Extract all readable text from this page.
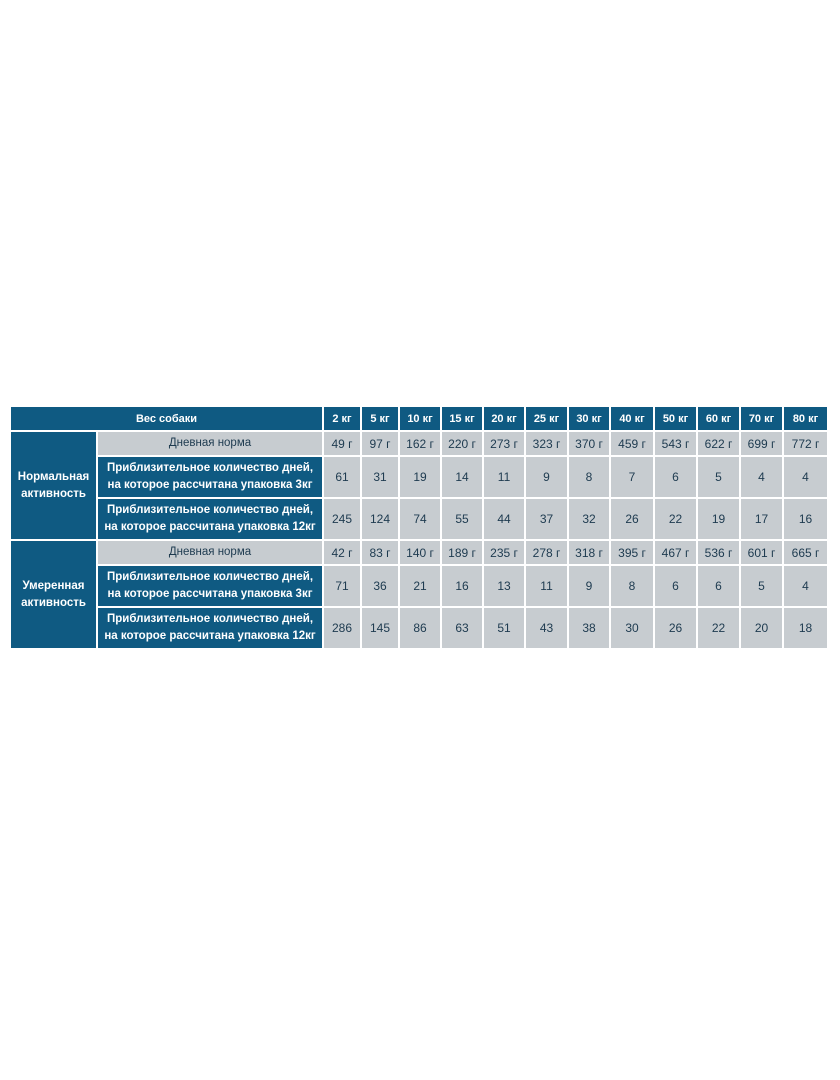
Вес собаки		2 кг	5 кг	10 кг	15 кг	20 кг	25 кг	30 кг	40 кг	50 кг	60 кг	70 кг	80 кг
Нормальная активность	Дневная норма	49 г	97 г	162 г	220 г	273 г	323 г	370 г	459 г	543 г	622 г	699 г	772 г
	Приблизительное количество дней,
на которое рассчитана упаковка 3кг	61	31	19	14	11	9	8	7	6	5	4	4
	Приблизительное количество дней,
на которое рассчитана упаковка 12кг	245	124	74	55	44	37	32	26	22	19	17	16
Умеренная активность	Дневная норма	42 г	83 г	140 г	189 г	235 г	278 г	318 г	395 г	467 г	536 г	601 г	665 г
	Приблизительное количество дней,
на которое рассчитана упаковка 3кг	71	36	21	16	13	11	9	8	6	6	5	4
	Приблизительное количество дней,
на которое рассчитана упаковка 12кг	286	145	86	63	51	43	38	30	26	22	20	18
